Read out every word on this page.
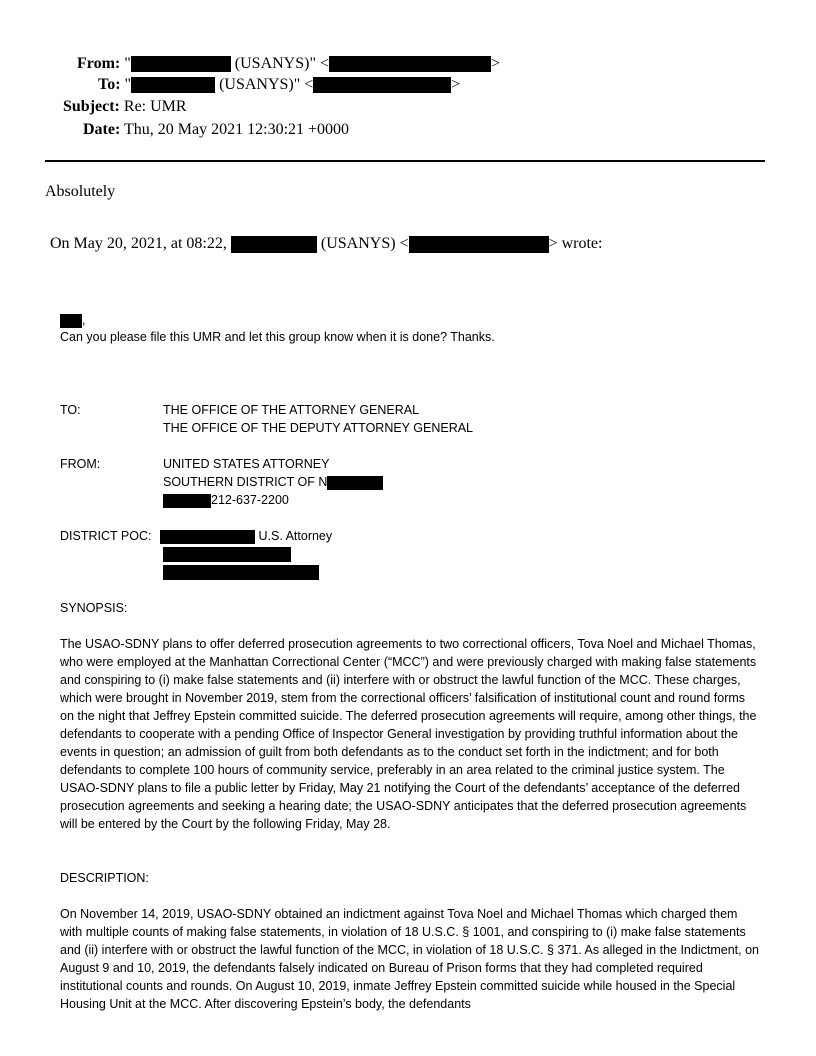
From: "	(USANYS)" <	>
To: "	(USANYS)" <	>
Subject: Re: UMR
Date: Thu, 20 May 2021 12:30:21 +0000
Absolutely
On May 20, 2021, at 08:22,	(USANYS) <	> wrote:
,
Can you please file this UMR and let this group know when it is done? Thanks.
TO:	THE OFFICE OF THE ATTORNEY GENERAL
THE OFFICE OF THE DEPUTY ATTORNEY GENERAL
FROM:	UNITED STATES ATTORNEY
SOUTHERN DISTRICT OF N
212-637-2200
DISTRICT POC:	U.S. Attorney
SYNOPSIS:
The USAO-SDNY plans to offer deferred prosecution agreements to two correctional officers, Tova Noel and Michael Thomas, who were employed at the Manhattan Correctional Center (“MCC”) and were previously charged with making false statements and conspiring to (i) make false statements and (ii) interfere with or obstruct the lawful function of the MCC. These charges, which were brought in November 2019, stem from the correctional officers’ falsification of institutional count and round forms on the night that Jeffrey Epstein committed suicide. The deferred prosecution agreements will require, among other things, the defendants to cooperate with a pending Office of Inspector General investigation by providing truthful information about the events in question; an admission of guilt from both defendants as to the conduct set forth in the indictment; and for both defendants to complete 100 hours of community service, preferably in an area related to the criminal justice system. The USAO-SDNY plans to file a public letter by Friday, May 21 notifying the Court of the defendants’ acceptance of the deferred prosecution agreements and seeking a hearing date; the USAO-SDNY anticipates that the deferred prosecution agreements will be entered by the Court by the following Friday, May 28.
DESCRIPTION:
On November 14, 2019, USAO-SDNY obtained an indictment against Tova Noel and Michael Thomas which charged them with multiple counts of making false statements, in violation of 18 U.S.C. § 1001, and conspiring to (i) make false statements and (ii) interfere with or obstruct the lawful function of the MCC, in violation of 18 U.S.C. § 371. As alleged in the Indictment, on August 9 and 10, 2019, the defendants falsely indicated on Bureau of Prison forms that they had completed required institutional counts and rounds. On August 10, 2019, inmate Jeffrey Epstein committed suicide while housed in the Special Housing Unit at the MCC. After discovering Epstein’s body, the defendants
